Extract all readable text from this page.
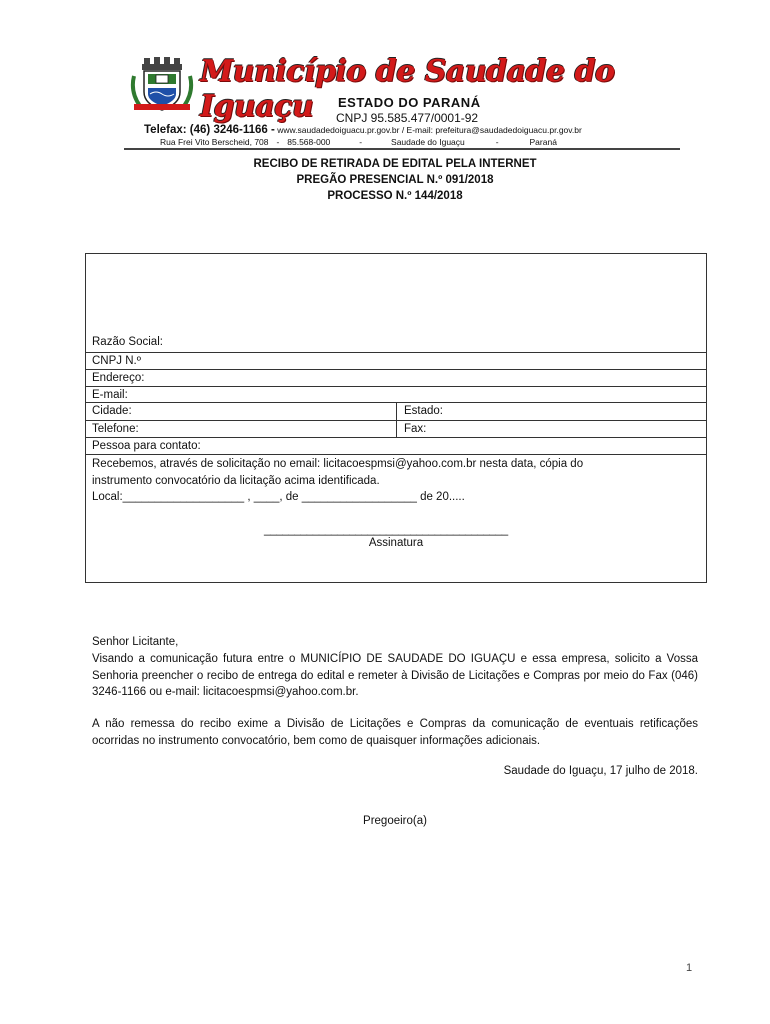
Município de Saudade do Iguaçu	ESTADO DO PARANÁ
CNPJ 95.585.477/0001-92
Telefax: (46) 3246-1166 - www.saudadedoiguacu.pr.gov.br / E-mail: prefeitura@saudadedoiguacu.pr.gov.br
Rua Frei Vito Berscheid, 708 - 85.568-000	-	Saudade do Iguaçu	-	Paraná
RECIBO DE RETIRADA DE EDITAL PELA INTERNET
PREGÃO PRESENCIAL N.º 091/2018
PROCESSO N.º 144/2018
Razão Social:
CNPJ N.º
Endereço:
E-mail:
Cidade:	Estado:
Telefone:	Fax:
Pessoa para contato:
Recebemos, através de solicitação no email: licitacoespmsi@yahoo.com.br nesta data, cópia do
instrumento convocatório da licitação acima identificada.
Local:___________________ , ____, de __________________ de 20.....
________________________________________
Assinatura
Senhor Licitante,
Visando a comunicação futura entre o MUNICÍPIO DE SAUDADE DO IGUAÇU e essa empresa, solicito a Vossa Senhoria preencher o recibo de entrega do edital e remeter à Divisão de Licitações e Compras por meio do Fax (046) 3246-1166 ou e-mail: licitacoespmsi@yahoo.com.br.
A não remessa do recibo exime a Divisão de Licitações e Compras da comunicação de eventuais retificações ocorridas no instrumento convocatório, bem como de quaisquer informações adicionais.
Saudade do Iguaçu, 17 julho de 2018.
Pregoeiro(a)
1
